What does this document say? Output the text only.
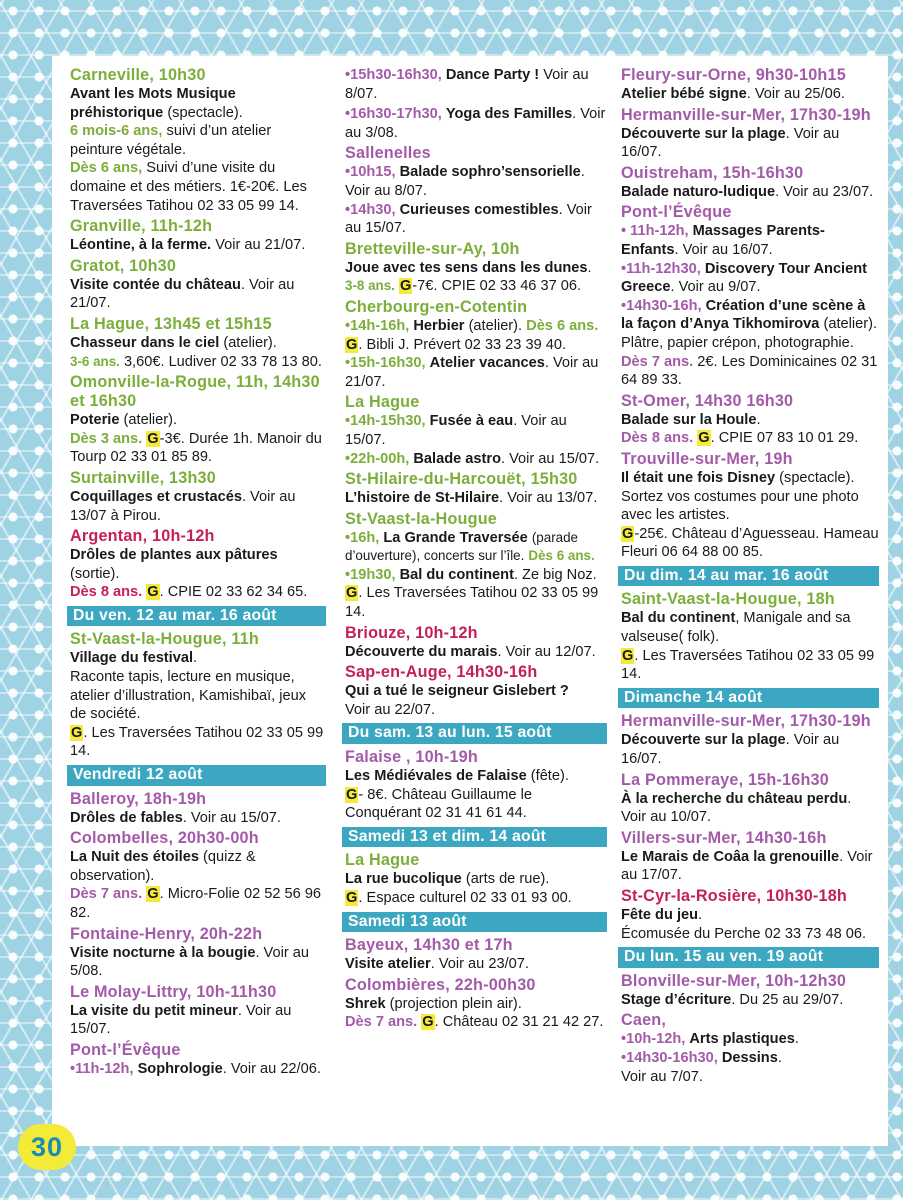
Carneville, 10h30
Avant les Mots Musique préhistorique (spectacle).
6 mois-6 ans, suivi d’un atelier peinture végétale.
Dès 6 ans, Suivi d’une visite du domaine et des métiers. 1€-20€. Les Traversées Tatihou 02 33 05 99 14.
Granville, 11h-12h
Léontine, à la ferme. Voir au 21/07.
Gratot, 10h30
Visite contée du château. Voir au 21/07.
La Hague, 13h45 et 15h15
Chasseur dans le ciel (atelier).
3-6 ans. 3,60€. Ludiver 02 33 78 13 80.
Omonville-la-Rogue, 11h, 14h30 et 16h30
Poterie (atelier).
Dès 3 ans. G-3€. Durée 1h. Manoir du Tourp 02 33 01 85 89.
Surtainville, 13h30
Coquillages et crustacés. Voir au 13/07 à Pirou.
Argentan, 10h-12h
Drôles de plantes aux pâtures (sortie).
Dès 8 ans. G. CPIE 02 33 62 34 65.
Du ven. 12 au mar. 16 août
St-Vaast-la-Hougue, 11h
Village du festival.
Raconte tapis, lecture en musique, atelier d’illustration, Kamishibaï, jeux de société.
G. Les Traversées Tatihou 02 33 05 99 14.
Vendredi 12 août
Balleroy, 18h-19h
Drôles de fables. Voir au 15/07.
Colombelles, 20h30-00h
La Nuit des étoiles (quizz & observation).
Dès 7 ans. G. Micro-Folie 02 52 56 96 82.
Fontaine-Henry, 20h-22h
Visite nocturne à la bougie. Voir au 5/08.
Le Molay-Littry, 10h-11h30
La visite du petit mineur. Voir au 15/07.
Pont-l’Évêque
•11h-12h, Sophrologie. Voir au 22/06.
•15h30-16h30, Dance Party ! Voir au 8/07.
•16h30-17h30, Yoga des Familles. Voir au 3/08.
Sallenelles
•10h15, Balade sophro’sensorielle. Voir au 8/07.
•14h30, Curieuses comestibles. Voir au 15/07.
Bretteville-sur-Ay, 10h
Joue avec tes sens dans les dunes.
3-8 ans. G-7€. CPIE 02 33 46 37 06.
Cherbourg-en-Cotentin
•14h-16h, Herbier (atelier). Dès 6 ans. G. Bibli J. Prévert 02 33 23 39 40.
•15h-16h30, Atelier vacances. Voir au 21/07.
La Hague
•14h-15h30, Fusée à eau. Voir au 15/07.
•22h-00h, Balade astro. Voir au 15/07.
St-Hilaire-du-Harcouët, 15h30
L’histoire de St-Hilaire. Voir au 13/07.
St-Vaast-la-Hougue
•16h, La Grande Traversée (parade d’ouverture), concerts sur l’île. Dès 6 ans.
•19h30, Bal du continent. Ze big Noz.
G. Les Traversées Tatihou 02 33 05 99 14.
Briouze, 10h-12h
Découverte du marais. Voir au 12/07.
Sap-en-Auge, 14h30-16h
Qui a tué le seigneur Gislebert ?
Voir au 22/07.
Du sam. 13 au lun. 15 août
Falaise , 10h-19h
Les Médiévales de Falaise (fête).
G- 8€. Château Guillaume le Conquérant 02 31 41 61 44.
Samedi 13 et dim. 14 août
La Hague
La rue bucolique (arts de rue).
G. Espace culturel 02 33 01 93 00.
Samedi 13 août
Bayeux, 14h30 et 17h
Visite atelier. Voir au 23/07.
Colombières, 22h-00h30
Shrek (projection plein air).
Dès 7 ans. G. Château 02 31 21 42 27.
Fleury-sur-Orne, 9h30-10h15
Atelier bébé signe. Voir au 25/06.
Hermanville-sur-Mer, 17h30-19h
Découverte sur la plage. Voir au 16/07.
Ouistreham, 15h-16h30
Balade naturo-ludique. Voir au 23/07.
Pont-l’Évêque
• 11h-12h, Massages Parents-Enfants. Voir au 16/07.
•11h-12h30, Discovery Tour Ancient Greece. Voir au 9/07.
•14h30-16h, Création d’une scène à la façon d’Anya Tikhomirova (atelier). Plâtre, papier crépon, photographie. Dès 7 ans. 2€. Les Dominicaines 02 31 64 89 33.
St-Omer, 14h30 16h30
Balade sur la Houle.
Dès 8 ans. G. CPIE 07 83 10 01 29.
Trouville-sur-Mer, 19h
Il était une fois Disney (spectacle). Sortez vos costumes pour une photo avec les artistes.
G-25€. Château d’Aguesseau. Hameau Fleuri 06 64 88 00 85.
Du dim. 14 au mar. 16 août
Saint-Vaast-la-Hougue, 18h
Bal du continent, Manigale and sa valseuse( folk).
G. Les Traversées Tatihou 02 33 05 99 14.
Dimanche 14 août
Hermanville-sur-Mer, 17h30-19h
Découverte sur la plage. Voir au 16/07.
La Pommeraye, 15h-16h30
À la recherche du château perdu. Voir au 10/07.
Villers-sur-Mer, 14h30-16h
Le Marais de Coâa la grenouille. Voir au 17/07.
St-Cyr-la-Rosière, 10h30-18h
Fête du jeu.
Écomusée du Perche 02 33 73 48 06.
Du lun. 15 au ven. 19 août
Blonville-sur-Mer, 10h-12h30
Stage d’écriture. Du 25 au 29/07.
Caen,
•10h-12h, Arts plastiques.
•14h30-16h30, Dessins.
Voir au 7/07.
30
